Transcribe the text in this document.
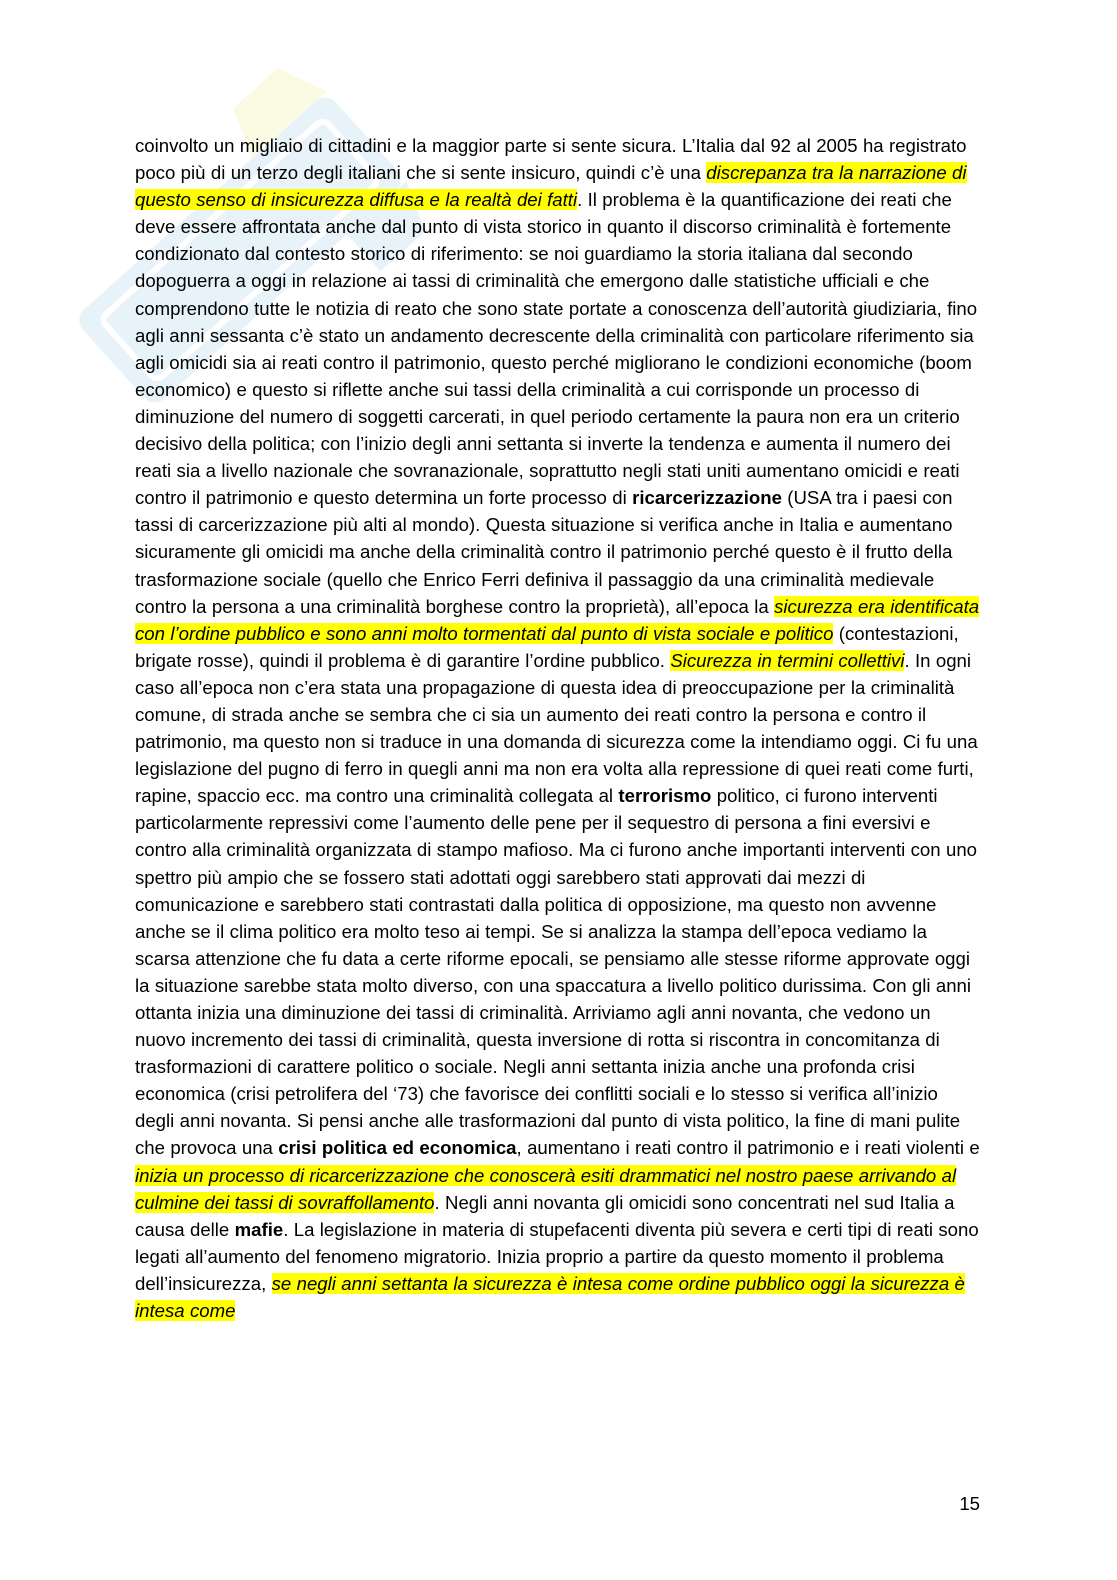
coinvolto un migliaio di cittadini e la maggior parte si sente sicura. L’Italia dal 92 al 2005 ha registrato poco più di un terzo degli italiani che si sente insicuro, quindi c’è una discrepanza tra la narrazione di questo senso di insicurezza diffusa e la realtà dei fatti. Il problema è la quantificazione dei reati che deve essere affrontata anche dal punto di vista storico in quanto il discorso criminalità è fortemente condizionato dal contesto storico di riferimento: se noi guardiamo la storia italiana dal secondo dopoguerra a oggi in relazione ai tassi di criminalità che emergono dalle statistiche ufficiali e che comprendono tutte le notizia di reato che sono state portate a conoscenza dell’autorità giudiziaria, fino agli anni sessanta c’è stato un andamento decrescente della criminalità con particolare riferimento sia agli omicidi sia ai reati contro il patrimonio, questo perché migliorano le condizioni economiche (boom economico) e questo si riflette anche sui tassi della criminalità a cui corrisponde un processo di diminuzione del numero di soggetti carcerati, in quel periodo certamente la paura non era un criterio decisivo della politica; con l’inizio degli anni settanta si inverte la tendenza e aumenta il numero dei reati sia a livello nazionale che sovranazionale, soprattutto negli stati uniti aumentano omicidi e reati contro il patrimonio e questo determina un forte processo di ricarcerizzazione (USA tra i paesi con tassi di carcerizzazione più alti al mondo). Questa situazione si verifica anche in Italia e aumentano sicuramente gli omicidi ma anche della criminalità contro il patrimonio perché questo è il frutto della trasformazione sociale (quello che Enrico Ferri definiva il passaggio da una criminalità medievale contro la persona a una criminalità borghese contro la proprietà), all’epoca la sicurezza era identificata con l’ordine pubblico e sono anni molto tormentati dal punto di vista sociale e politico (contestazioni, brigate rosse), quindi il problema è di garantire l’ordine pubblico. Sicurezza in termini collettivi. In ogni caso all’epoca non c’era stata una propagazione di questa idea di preoccupazione per la criminalità comune, di strada anche se sembra che ci sia un aumento dei reati contro la persona e contro il patrimonio, ma questo non si traduce in una domanda di sicurezza come la intendiamo oggi. Ci fu una legislazione del pugno di ferro in quegli anni ma non era volta alla repressione di quei reati come furti, rapine, spaccio ecc. ma contro una criminalità collegata al terrorismo politico, ci furono interventi particolarmente repressivi come l’aumento delle pene per il sequestro di persona a fini eversivi e contro alla criminalità organizzata di stampo mafioso. Ma ci furono anche importanti interventi con uno spettro più ampio che se fossero stati adottati oggi sarebbero stati approvati dai mezzi di comunicazione e sarebbero stati contrastati dalla politica di opposizione, ma questo non avvenne anche se il clima politico era molto teso ai tempi. Se si analizza la stampa dell’epoca vediamo la scarsa attenzione che fu data a certe riforme epocali, se pensiamo alle stesse riforme approvate oggi la situazione sarebbe stata molto diverso, con una spaccatura a livello politico durissima. Con gli anni ottanta inizia una diminuzione dei tassi di criminalità. Arriviamo agli anni novanta, che vedono un nuovo incremento dei tassi di criminalità, questa inversione di rotta si riscontra in concomitanza di trasformazioni di carattere politico o sociale. Negli anni settanta inizia anche una profonda crisi economica (crisi petrolifera del ‘73) che favorisce dei conflitti sociali e lo stesso si verifica all’inizio degli anni novanta. Si pensi anche alle trasformazioni dal punto di vista politico, la fine di mani pulite che provoca una crisi politica ed economica, aumentano i reati contro il patrimonio e i reati violenti e inizia un processo di ricarcerizzazione che conoscerà esiti drammatici nel nostro paese arrivando al culmine dei tassi di sovraffollamento. Negli anni novanta gli omicidi sono concentrati nel sud Italia a causa delle mafie. La legislazione in materia di stupefacenti diventa più severa e certi tipi di reati sono legati all’aumento del fenomeno migratorio. Inizia proprio a partire da questo momento il problema dell’insicurezza, se negli anni settanta la sicurezza è intesa come ordine pubblico oggi la sicurezza è intesa come

15
